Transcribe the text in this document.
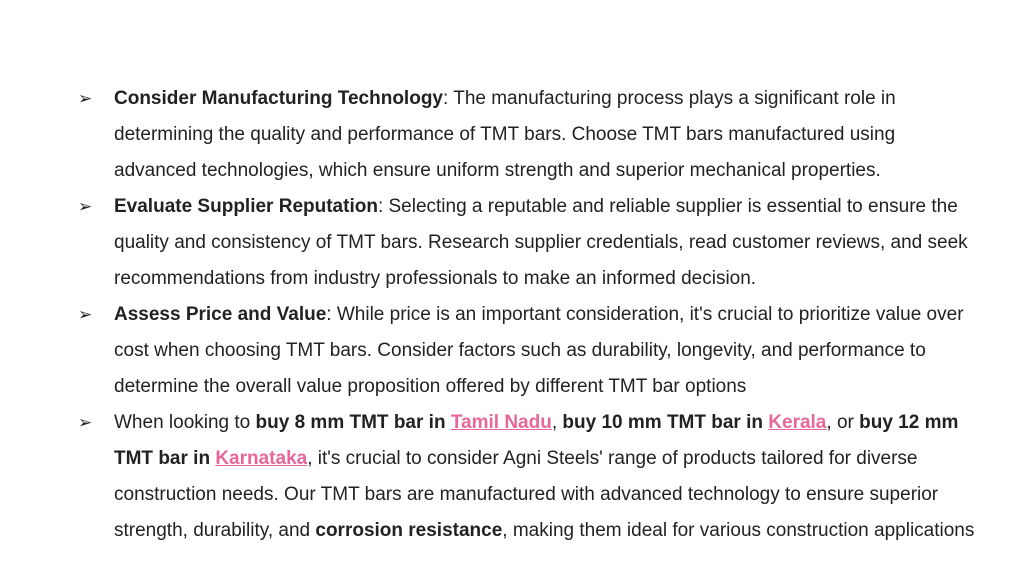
➢ Consider Manufacturing Technology: The manufacturing process plays a significant role in determining the quality and performance of TMT bars. Choose TMT bars manufactured using advanced technologies, which ensure uniform strength and superior mechanical properties.
➢ Evaluate Supplier Reputation: Selecting a reputable and reliable supplier is essential to ensure the quality and consistency of TMT bars. Research supplier credentials, read customer reviews, and seek recommendations from industry professionals to make an informed decision.
➢ Assess Price and Value: While price is an important consideration, it's crucial to prioritize value over cost when choosing TMT bars. Consider factors such as durability, longevity, and performance to determine the overall value proposition offered by different TMT bar options
➢ When looking to buy 8 mm TMT bar in Tamil Nadu, buy 10 mm TMT bar in Kerala, or buy 12 mm TMT bar in Karnataka, it's crucial to consider Agni Steels' range of products tailored for diverse construction needs. Our TMT bars are manufactured with advanced technology to ensure superior strength, durability, and corrosion resistance, making them ideal for various construction applications
